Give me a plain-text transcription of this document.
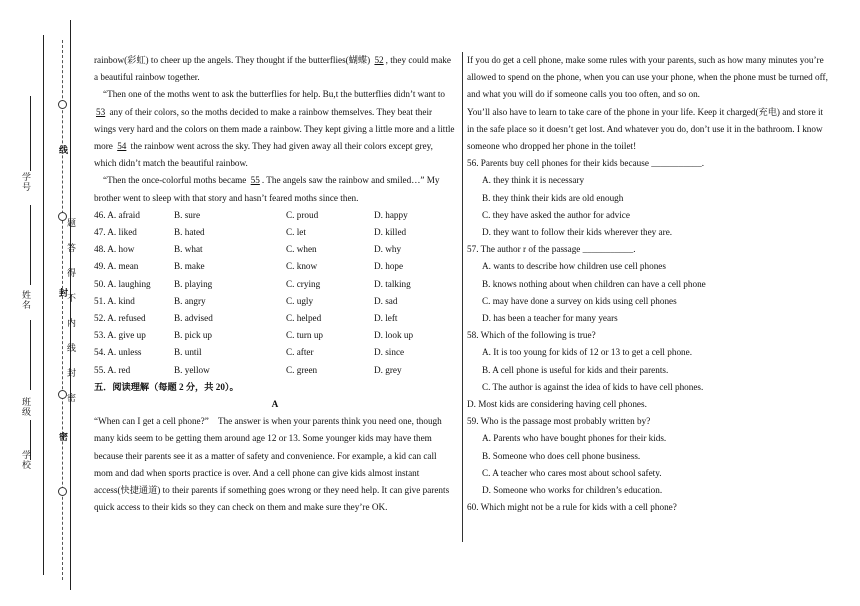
学号
姓名
班级
学校
线
题
答
得
不
封
内
线
封
密
密

rainbow(彩虹) to cheer up the angels. They thought if the butterflies(蝴蝶) 52 , they could make a beautiful rainbow together.

“Then one of the moths went to ask the butterflies for help. Bu,t the butterflies didn’t want to 53 any of their colors, so the moths decided to make a rainbow themselves. They beat their wings very hard and the colors on them made a rainbow. They kept giving a little more and a little more 54 the rainbow went across the sky. They had given away all their colors except grey, which didn’t match the beautiful rainbow.

“Then the once-colorful moths became 55 . The angels saw the rainbow and smiled…” My brother went to sleep with that story and hasn’t feared moths since then.

46. A. afraid	B. sure	C. proud	D. happy
47. A. liked	B. hated	C. let	D. killed
48. A. how	B. what	C. when	D. why
49. A. mean	B. make	C. know	D. hope
50. A. laughing	B. playing	C. crying	D. talking
51. A. kind	B. angry	C. ugly	D. sad
52. A. refused	B. advised	C. helped	D. left
53. A. give up	B. pick up	C. turn up	D. look up
54. A. unless	B. until	C. after	D. since
55. A. red	B. yellow	C. green	D. grey

五．阅读理解（每题 2 分，共 20）。

A

“When can I get a cell phone?”　The answer is when your parents think you need one, though many kids seem to be getting them around age 12 or 13. Some younger kids may have them because their parents see it as a matter of safety and convenience. For example, a kid can call mom and dad when sports practice is over. And a cell phone can give kids almost instant access(快捷通道) to their parents if something goes wrong or they need help. It can give parents quick access to their kids so they can check on them and make sure they’re OK.

If you do get a cell phone, make some rules with your parents, such as how many minutes you’re allowed to spend on the phone, when you can use your phone, when the phone must be turned off, and what you will do if someone calls you too often, and so on.

You’ll also have to learn to take care of the phone in your life. Keep it charged(充电) and store it in the safe place so it doesn’t get lost. And whatever you do, don’t use it in the bathroom. I know someone who dropped her phone in the toilet!

56. Parents buy cell phones for their kids because ___________.
A. they think it is necessary
B. they think their kids are old enough
C. they have asked the author for advice
D. they want to follow their kids wherever they are.
57. The author r of the passage ___________.
A. wants to describe how children use cell phones
B. knows nothing about when children can have a cell phone
C. may have done a survey on kids using cell phones
D. has been a teacher for many years
58. Which of the following is true?
A. It is too young for kids of 12 or 13 to get a cell phone.
B. A cell phone is useful for kids and their parents.
C. The author is against the idea of kids to have cell phones.
D. Most kids are considering having cell phones.
59. Who is the passage most probably written by?
A. Parents who have bought phones for their kids.
B. Someone who does cell phone business.
C. A teacher who cares most about school safety.
D. Someone who works for children’s education.
60. Which might not be a rule for kids with a cell phone?
